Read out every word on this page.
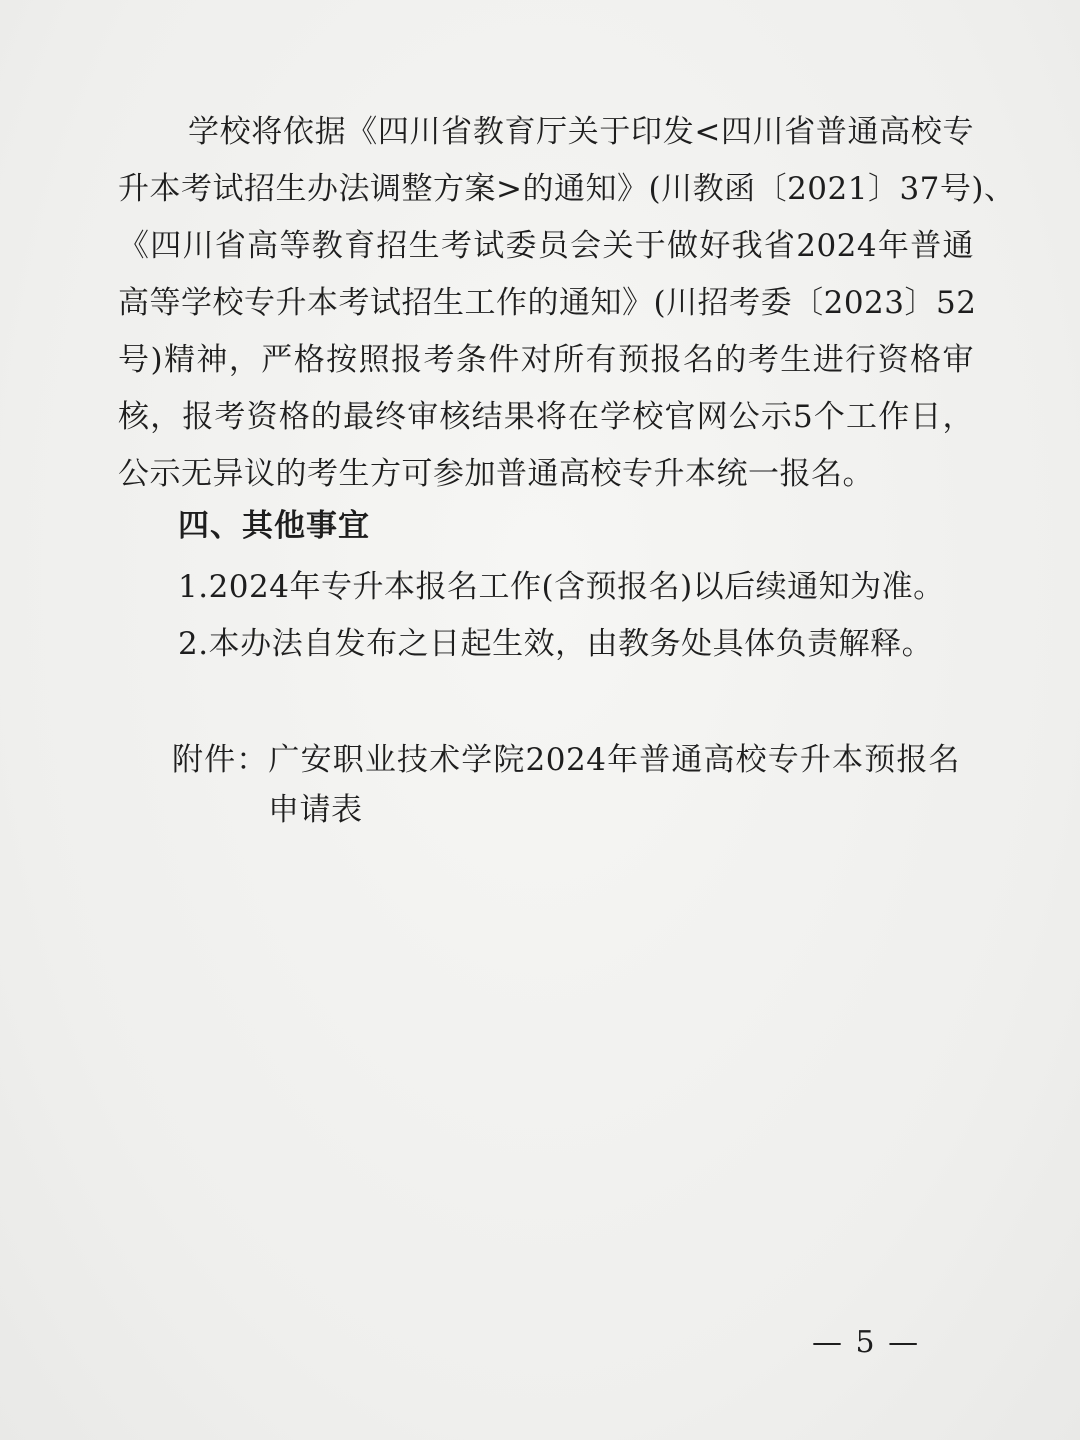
学校将依据《四川省教育厅关于印发<四川省普通高校专
升本考试招生办法调整方案>的通知》(川教函〔2021〕37号)、
《四川省高等教育招生考试委员会关于做好我省2024年普通
高等学校专升本考试招生工作的通知》(川招考委〔2023〕52
号)精神，严格按照报考条件对所有预报名的考生进行资格审
核，报考资格的最终审核结果将在学校官网公示5个工作日，
公示无异议的考生方可参加普通高校专升本统一报名。
四、其他事宜
1.2024年专升本报名工作(含预报名)以后续通知为准。
2.本办法自发布之日起生效，由教务处具体负责解释。
附件：广安职业技术学院2024年普通高校专升本预报名
申请表
— 5 —
